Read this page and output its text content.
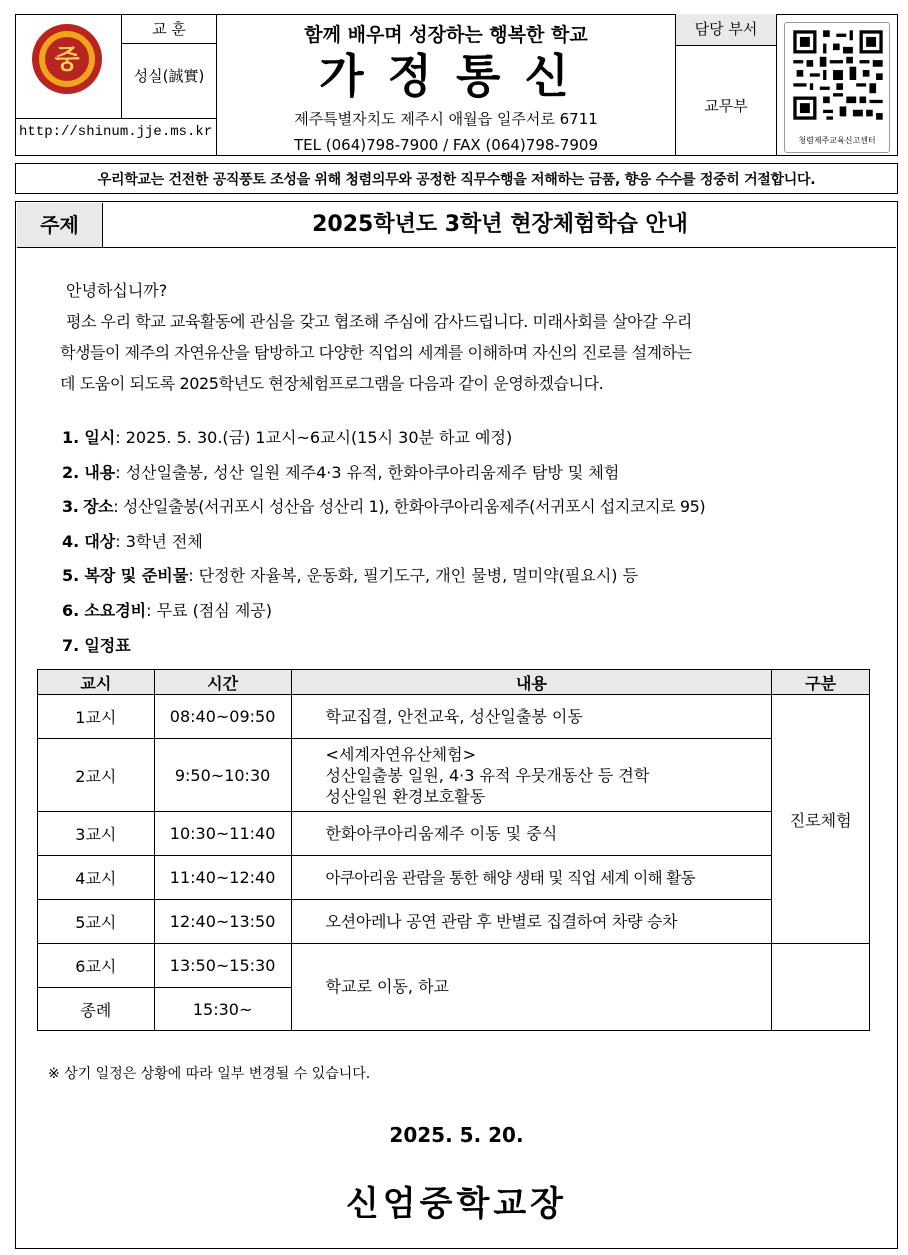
중
교 훈
성실(誠實)
http://shinum.jje.ms.kr
함께 배우며 성장하는 행복한 학교
가 정 통 신
제주특별자치도 제주시 애월읍 일주서로 6711
TEL (064)798-7900 / FAX (064)798-7909
담당 부서
교무부
청렴제주교육신고센터
우리학교는 건전한 공직풍토 조성을 위해 청렴의무와 공정한 직무수행을 저해하는 금품, 향응 수수를 정중히 거절합니다.
주제	2025학년도 3학년 현장체험학습 안내
안녕하십니까?
평소 우리 학교 교육활동에 관심을 갖고 협조해 주심에 감사드립니다. 미래사회를 살아갈 우리
학생들이 제주의 자연유산을 탐방하고 다양한 직업의 세계를 이해하며 자신의 진로를 설계하는
데 도움이 되도록 2025학년도 현장체험프로그램을 다음과 같이 운영하겠습니다.
1. 일시: 2025. 5. 30.(금) 1교시~6교시(15시 30분 하교 예정)
2. 내용: 성산일출봉, 성산 일원 제주4·3 유적, 한화아쿠아리움제주 탐방 및 체험
3. 장소: 성산일출봉(서귀포시 성산읍 성산리 1), 한화아쿠아리움제주(서귀포시 섭지코지로 95)
4. 대상: 3학년 전체
5. 복장 및 준비물: 단정한 자율복, 운동화, 필기도구, 개인 물병, 멀미약(필요시) 등
6. 소요경비: 무료 (점심 제공)
7. 일정표
교시	시간	내용	구분
1교시	08:40~09:50	학교집결, 안전교육, 성산일출봉 이동	진로체험
2교시	9:50~10:30	<세계자연유산체험>
성산일출봉 일원, 4·3 유적 우뭇개동산 등 견학
성산일원 환경보호활동	

3교시	10:30~11:40	한화아쿠아리움제주 이동 및 중식	
4교시	11:40~12:40	아쿠아리움 관람을 통한 해양 생태 및 직업 세계 이해 활동	
5교시	12:40~13:50	오션아레나 공연 관람 후 반별로 집결하여 차량 승차	
6교시	13:50~15:30	학교로 이동, 하교	
종례	15:30~		
※ 상기 일정은 상황에 따라 일부 변경될 수 있습니다.
2025. 5. 20.
신엄중학교장
